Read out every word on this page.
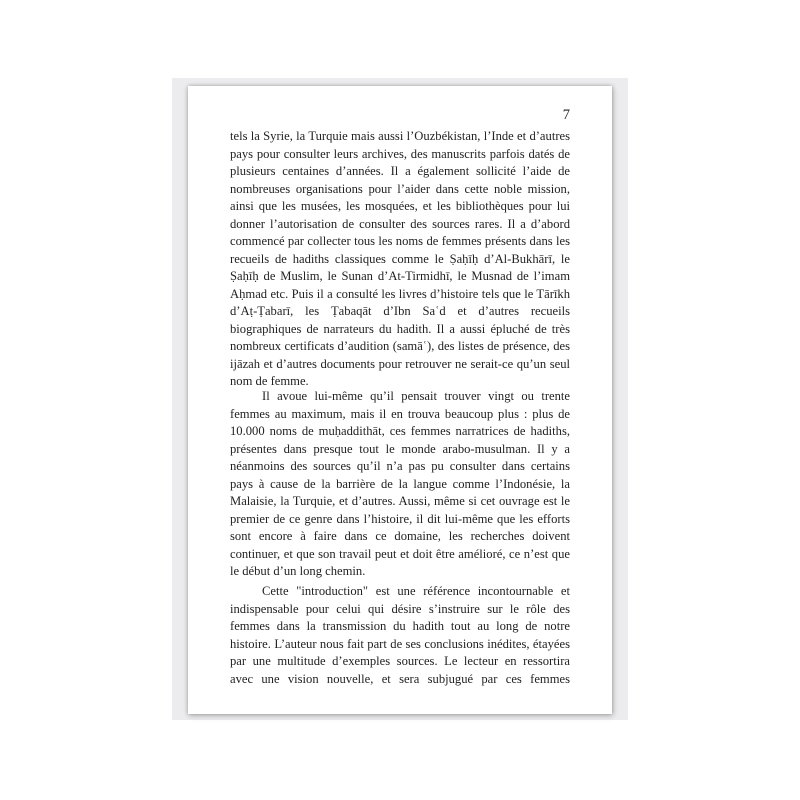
7
tels la Syrie, la Turquie mais aussi l’Ouzbékistan, l’Inde et d’autres
pays pour consulter leurs archives, des manuscrits parfois datés de
plusieurs centaines d’années. Il a également sollicité l’aide de
nombreuses organisations pour l’aider dans cette noble mission,
ainsi que les musées, les mosquées, et les bibliothèques pour lui
donner l’autorisation de consulter des sources rares. Il a d’abord
commencé par collecter tous les noms de femmes présents dans les
recueils de hadiths classiques comme le Ṣaḥīḥ d’Al-Bukhārī, le
Ṣaḥīḥ de Muslim, le Sunan d’At-Tirmidhī, le Musnad de l’imam
Aḥmad etc. Puis il a consulté les livres d’histoire tels que le Tārīkh
d’Aṭ-Ṭabarī, les Ṭabaqāt d’Ibn Saʿd et d’autres recueils
biographiques de narrateurs du hadith. Il a aussi épluché de très
nombreux certificats d’audition (samāʿ), des listes de présence, des
ijāzah et d’autres documents pour retrouver ne serait-ce qu’un seul
nom de femme.
Il avoue lui-même qu’il pensait trouver vingt ou trente
femmes au maximum, mais il en trouva beaucoup plus : plus de
10.000 noms de muḥaddithāt, ces femmes narratrices de hadiths,
présentes dans presque tout le monde arabo-musulman. Il y a
néanmoins des sources qu’il n’a pas pu consulter dans certains
pays à cause de la barrière de la langue comme l’Indonésie, la
Malaisie, la Turquie, et d’autres. Aussi, même si cet ouvrage est le
premier de ce genre dans l’histoire, il dit lui-même que les efforts
sont encore à faire dans ce domaine, les recherches doivent
continuer, et que son travail peut et doit être amélioré, ce n’est que
le début d’un long chemin.
Cette "introduction" est une référence incontournable et
indispensable pour celui qui désire s’instruire sur le rôle des
femmes dans la transmission du hadith tout au long de notre
histoire. L’auteur nous fait part de ses conclusions inédites, étayées
par une multitude d’exemples sources. Le lecteur en ressortira
avec une vision nouvelle, et sera subjugué par ces femmes
